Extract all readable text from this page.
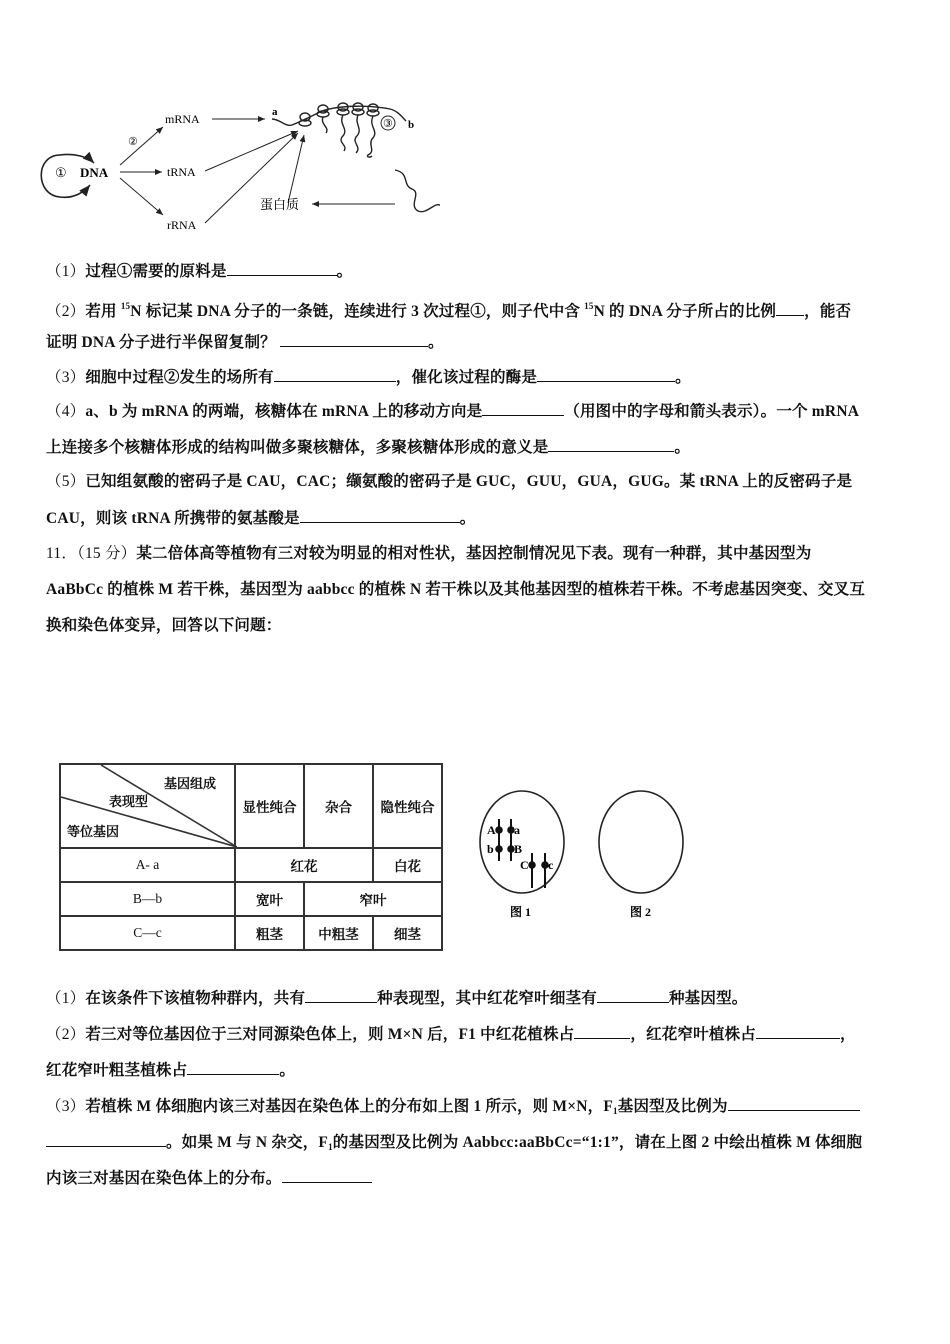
① DNA
②
mRNA
tRNA
rRNA
a
③ b
蛋白质
（1）过程①需要的原料是	。
（2）若用 $^{15}$N 标记某 DNA 分子的一条链，连续进行 3 次过程①，则子代中含 $^{15}$N 的 DNA 分子所占的比例 ，能否
证明 DNA 分子进行半保留复制？	。
（3）细胞中过程②发生的场所有	，催化该过程的酶是	。
（4）a、b 为 mRNA 的两端，核糖体在 mRNA 上的移动方向是	（用图中的字母和箭头表示）。一个 mRNA
上连接多个核糖体形成的结构叫做多聚核糖体，多聚核糖体形成的意义是	。
（5）已知组氨酸的密码子是 CAU，CAC；缬氨酸的密码子是 GUC，GUU，GUA，GUG。某 tRNA 上的反密码子是
CAU，则该 tRNA 所携带的氨基酸是	。
11．（15 分）某二倍体高等植物有三对较为明显的相对性状，基因控制情况见下表。现有一种群，其中基因型为
AaBbCc 的植株 M 若干株，基因型为 aabbcc 的植株 N 若干株以及其他基因型的植株若干株。不考虑基因突变、交叉互
换和染色体变异，回答以下问题：
基因组成
表现型
等位基因	显性纯合	杂合	隐性纯合
A- a	红花		白花
B—b	宽叶	窄叶	
C—c	粗茎	中粗茎	细茎
A a
b B
C c
图 1	图 2
（1）在该条件下该植物种群内，共有	种表现型，其中红花窄叶细茎有	种基因型。
（2）若三对等位基因位于三对同源染色体上，则 M×N 后，F1 中红花植株占	，红花窄叶植株占	，
红花窄叶粗茎植株占	。
（3）若植株 M 体细胞内该三对基因在染色体上的分布如上图 1 所示，则 M×N，$F_1$基因型及比例为
。如果 M 与 N 杂交，$F_1$的基因型及比例为 Aabbcc:aaBbCc=“1:1”，请在上图 2 中绘出植株 M 体细胞
内该三对基因在染色体上的分布。
